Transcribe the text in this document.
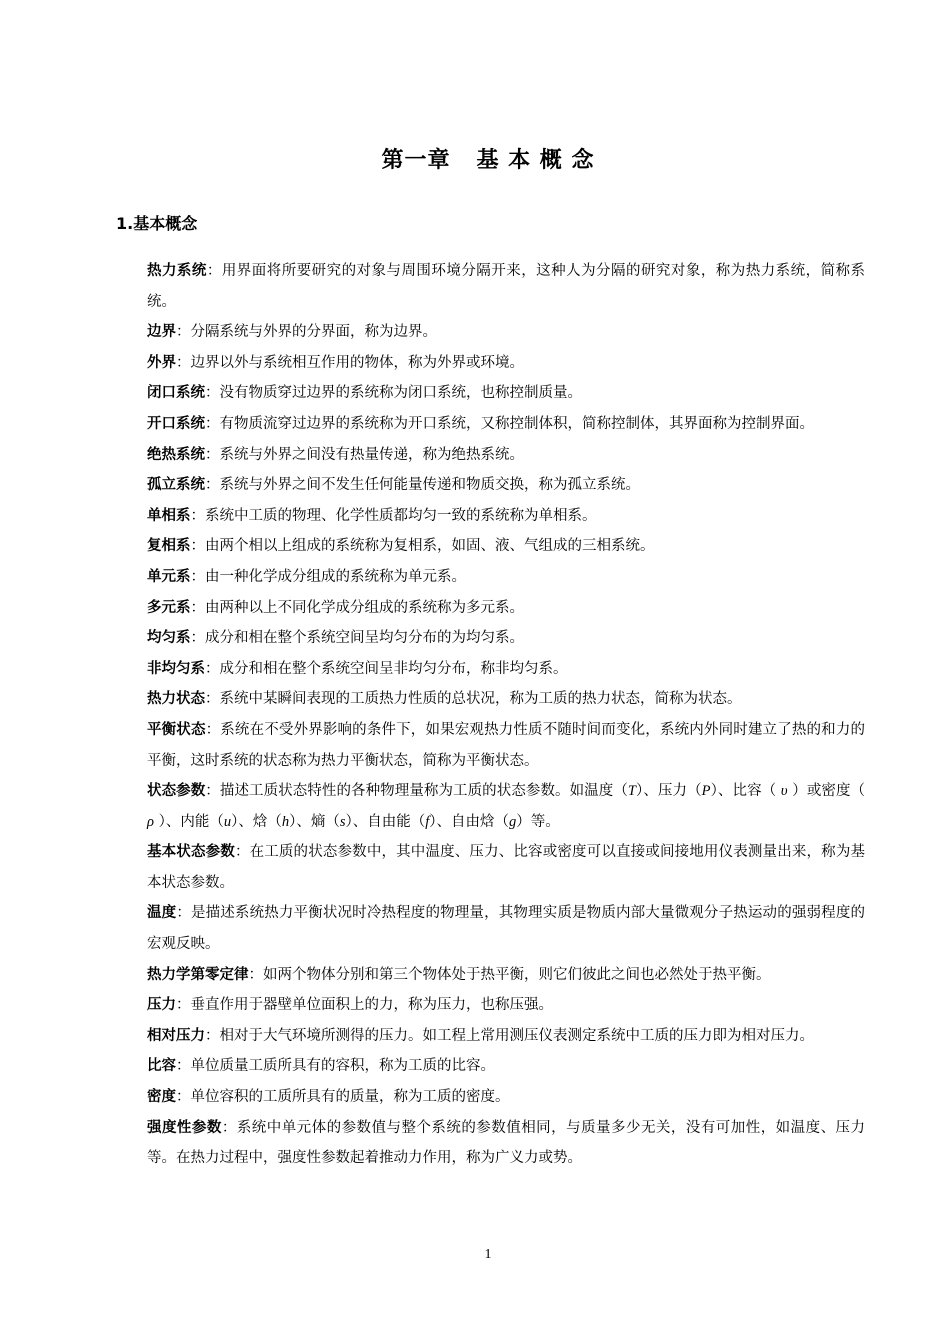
第一章   基 本 概 念
1.基本概念

热力系统：用界面将所要研究的对象与周围环境分隔开来，这种人为分隔的研究对象，称为热力系统，简称系统。

边界：分隔系统与外界的分界面，称为边界。

外界：边界以外与系统相互作用的物体，称为外界或环境。

闭口系统：没有物质穿过边界的系统称为闭口系统，也称控制质量。

开口系统：有物质流穿过边界的系统称为开口系统，又称控制体积，简称控制体，其界面称为控制界面。

绝热系统：系统与外界之间没有热量传递，称为绝热系统。

孤立系统：系统与外界之间不发生任何能量传递和物质交换，称为孤立系统。

单相系：系统中工质的物理、化学性质都均匀一致的系统称为单相系。

复相系：由两个相以上组成的系统称为复相系，如固、液、气组成的三相系统。

单元系：由一种化学成分组成的系统称为单元系。

多元系：由两种以上不同化学成分组成的系统称为多元系。

均匀系：成分和相在整个系统空间呈均匀分布的为均匀系。

非均匀系：成分和相在整个系统空间呈非均匀分布，称非均匀系。

热力状态：系统中某瞬间表现的工质热力性质的总状况，称为工质的热力状态，简称为状态。

平衡状态：系统在不受外界影响的条件下，如果宏观热力性质不随时间而变化，系统内外同时建立了热的和力的平衡，这时系统的状态称为热力平衡状态，简称为平衡状态。

状态参数：描述工质状态特性的各种物理量称为工质的状态参数。如温度（T）、压力（P）、比容（ υ ）或密度（ ρ ）、内能（u）、焓（h）、熵（s）、自由能（f）、自由焓（g）等。

基本状态参数：在工质的状态参数中，其中温度、压力、比容或密度可以直接或间接地用仪表测量出来，称为基本状态参数。

温度：是描述系统热力平衡状况时冷热程度的物理量，其物理实质是物质内部大量微观分子热运动的强弱程度的宏观反映。

热力学第零定律：如两个物体分别和第三个物体处于热平衡，则它们彼此之间也必然处于热平衡。

压力：垂直作用于器壁单位面积上的力，称为压力，也称压强。

相对压力：相对于大气环境所测得的压力。如工程上常用测压仪表测定系统中工质的压力即为相对压力。

比容：单位质量工质所具有的容积，称为工质的比容。

密度：单位容积的工质所具有的质量，称为工质的密度。

强度性参数：系统中单元体的参数值与整个系统的参数值相同，与质量多少无关，没有可加性，如温度、压力等。在热力过程中，强度性参数起着推动力作用，称为广义力或势。

1
